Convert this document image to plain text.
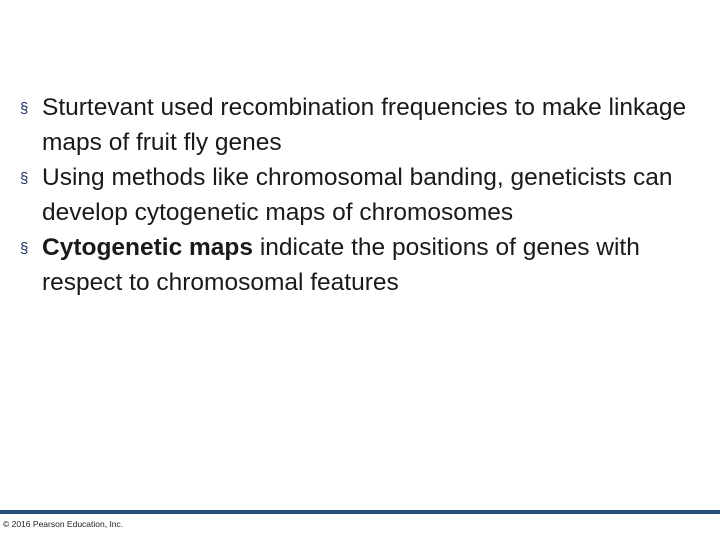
§ Sturtevant used recombination frequencies to make linkage maps of fruit fly genes
§ Using methods like chromosomal banding, geneticists can develop cytogenetic maps of chromosomes
§ Cytogenetic maps indicate the positions of genes with respect to chromosomal features
© 2016 Pearson Education, Inc.
